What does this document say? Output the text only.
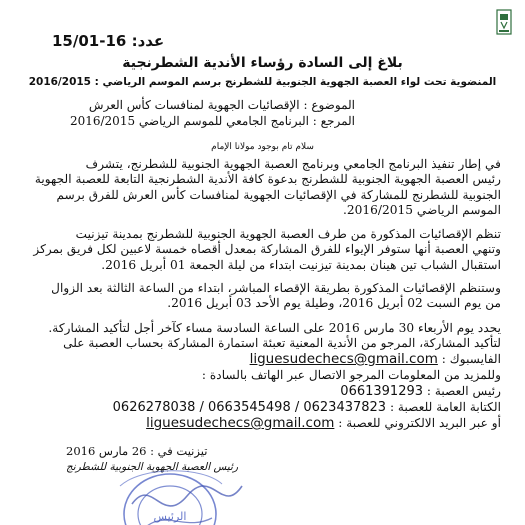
عدد: 16-15/01
بلاغ إلى السادة رؤساء الأندية الشطرنجية
المنضوية تحت لواء العصبة الجهوية الجنوبية للشطرنج برسم الموسم الرياضي : 2016/2015
الموضوع : الإقصائيات الجهوية لمنافسات كأس العرش
المرجع : البرنامج الجامعي للموسم الرياضي 2016/2015
سلام تام بوجود مولانا الإمام
في إطار تنفيذ البرنامج الجامعي وبرنامج العصبة الجهوية الجنوبية للشطرنج، يتشرف
رئيس العصبة الجهوية الجنوبية للشطرنج بدعوة كافة الأندية الشطرنجية التابعة للعصبة الجهوية
الجنوبية للشطرنج للمشاركة في الإقصائيات الجهوية لمنافسات كأس العرش للفرق برسم
الموسم الرياضي 2016/2015.
تنظم الإقصائيات المذكورة من طرف العصبة الجهوية الجنوبية للشطرنج بمدينة تيزنيت
وتنهي العصبة أنها ستوفر الإيواء للفرق المشاركة بمعدل أقصاه خمسة لاعبين لكل فريق بمركز
استقبال الشباب تين هينان بمدينة تيزنيت ابتداء من ليلة الجمعة 01 أبريل 2016.
وستنظم الإقصائيات المذكورة بطريقة الإقصاء المباشر، ابتداء من الساعة الثالثة بعد الزوال
من يوم السبت 02 أبريل 2016، وطيلة يوم الأحد 03 أبريل 2016.
يحدد يوم الأربعاء 30 مارس 2016 على الساعة السادسة مساء كآخر أجل لتأكيد المشاركة.
لتأكيد المشاركة، المرجو من الأندية المعنية تعبئة استمارة المشاركة بحساب العصبة على
الفايسبوك : liguesudechecs@gmail.com
وللمزيد من المعلومات المرجو الاتصال عبر الهاتف بالسادة :
رئيس العصبة : 0661391293
الكتابة العامة للعصبة : 0626278038 / 0663545498 / 0623437823
أو عبر البريد الالكتروني للعصبة : liguesudechecs@gmail.com
تيزنيت في : 26 مارس 2016
رئيس العصبة الجهوية الجنوبية للشطرنج
الرئيس
